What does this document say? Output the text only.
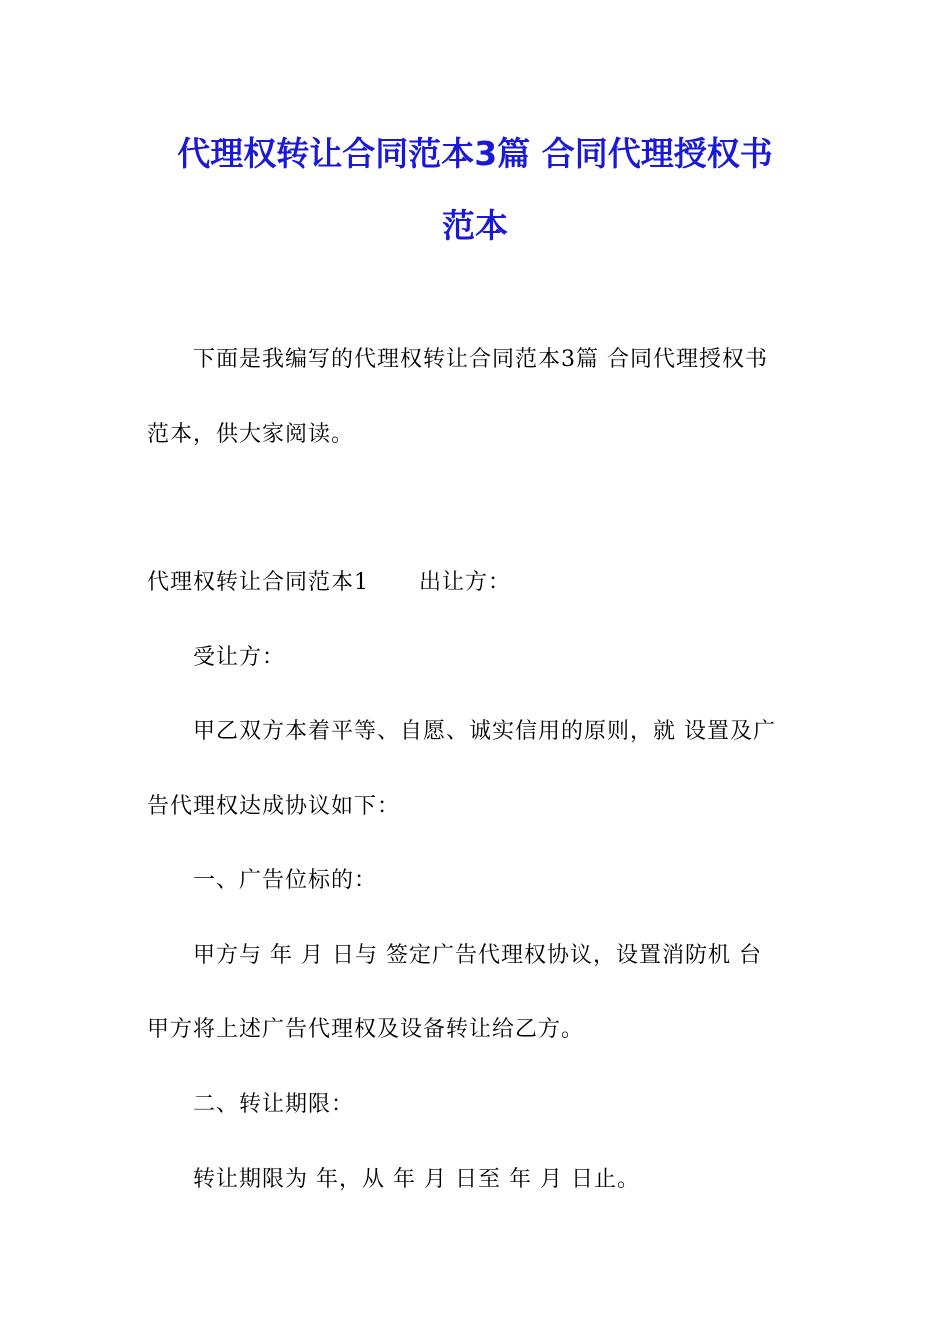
代理权转让合同范本3篇 合同代理授权书
范本
下面是我编写的代理权转让合同范本3篇 合同代理授权书
范本，供大家阅读。
代理权转让合同范本1 出让方：
受让方：
甲乙双方本着平等、自愿、诚实信用的原则，就 设置及广
告代理权达成协议如下：
一、广告位标的：
甲方与 年 月 日与 签定广告代理权协议，设置消防机 台
甲方将上述广告代理权及设备转让给乙方。
二、转让期限：
转让期限为 年，从 年 月 日至 年 月 日止。
